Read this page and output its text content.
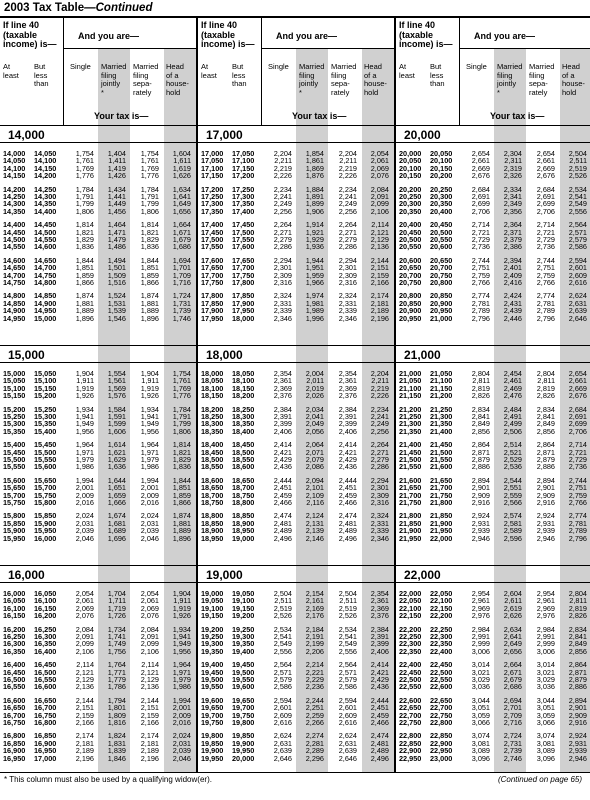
2003 Tax Table—Continued
If line 40
(taxable
income) is—
And you are—
At
least
But
less
than
Single Married
filing
jointly
*
Married
filing
sepa-
rately
Head
of a
house-
hold
Your tax is—
14,000
14,000	14,050	1,754	1,404	1,754	1,604
14,050	14,100	1,761	1,411	1,761	1,611
14,100	14,150	1,769	1,419	1,769	1,619
14,150	14,200	1,776	1,426	1,776	1,626
14,200	14,250	1,784	1,434	1,784	1,634
14,250	14,300	1,791	1,441	1,791	1,641
14,300	14,350	1,799	1,449	1,799	1,649
14,350	14,400	1,806	1,456	1,806	1,656
14,400	14,450	1,814	1,464	1,814	1,664
14,450	14,500	1,821	1,471	1,821	1,671
14,500	14,550	1,829	1,479	1,829	1,679
14,550	14,600	1,836	1,486	1,836	1,686
14,600	14,650	1,844	1,494	1,844	1,694
14,650	14,700	1,851	1,501	1,851	1,701
14,700	14,750	1,859	1,509	1,859	1,709
14,750	14,800	1,866	1,516	1,866	1,716
14,800	14,850	1,874	1,524	1,874	1,724
14,850	14,900	1,881	1,531	1,881	1,731
14,900	14,950	1,889	1,539	1,889	1,739
14,950	15,000	1,896	1,546	1,896	1,746
15,000
15,000	15,050	1,904	1,554	1,904	1,754
15,050	15,100	1,911	1,561	1,911	1,761
15,100	15,150	1,919	1,569	1,919	1,769
15,150	15,200	1,926	1,576	1,926	1,776
15,200	15,250	1,934	1,584	1,934	1,784
15,250	15,300	1,941	1,591	1,941	1,791
15,300	15,350	1,949	1,599	1,949	1,799
15,350	15,400	1,956	1,606	1,956	1,806
15,400	15,450	1,964	1,614	1,964	1,814
15,450	15,500	1,971	1,621	1,971	1,821
15,500	15,550	1,979	1,629	1,979	1,829
15,550	15,600	1,986	1,636	1,986	1,836
15,600	15,650	1,994	1,644	1,994	1,844
15,650	15,700	2,001	1,651	2,001	1,851
15,700	15,750	2,009	1,659	2,009	1,859
15,750	15,800	2,016	1,666	2,016	1,866
15,800	15,850	2,024	1,674	2,024	1,874
15,850	15,900	2,031	1,681	2,031	1,881
15,900	15,950	2,039	1,689	2,039	1,889
15,950	16,000	2,046	1,696	2,046	1,896
16,000
16,000	16,050	2,054	1,704	2,054	1,904
16,050	16,100	2,061	1,711	2,061	1,911
16,100	16,150	2,069	1,719	2,069	1,919
16,150	16,200	2,076	1,726	2,076	1,926
16,200	16,250	2,084	1,734	2,084	1,934
16,250	16,300	2,091	1,741	2,091	1,941
16,300	16,350	2,099	1,749	2,099	1,949
16,350	16,400	2,106	1,756	2,106	1,956
16,400	16,450	2,114	1,764	2,114	1,964
16,450	16,500	2,121	1,771	2,121	1,971
16,500	16,550	2,129	1,779	2,129	1,979
16,550	16,600	2,136	1,786	2,136	1,986
16,600	16,650	2,144	1,794	2,144	1,994
16,650	16,700	2,151	1,801	2,151	2,001
16,700	16,750	2,159	1,809	2,159	2,009
16,750	16,800	2,166	1,816	2,166	2,016
16,800	16,850	2,174	1,824	2,174	2,024
16,850	16,900	2,181	1,831	2,181	2,031
16,900	16,950	2,189	1,839	2,189	2,039
16,950	17,000	2,196	1,846	2,196	2,046
If line 40
(taxable
income) is—
And you are—
At
least
But
less
than
Single Married
filing
jointly
*
Married
filing
sepa-
rately
Head
of a
house-
hold
Your tax is—
17,000
17,000	17,050	2,204	1,854	2,204	2,054
17,050	17,100	2,211	1,861	2,211	2,061
17,100	17,150	2,219	1,869	2,219	2,069
17,150	17,200	2,226	1,876	2,226	2,076
17,200	17,250	2,234	1,884	2,234	2,084
17,250	17,300	2,241	1,891	2,241	2,091
17,300	17,350	2,249	1,899	2,249	2,099
17,350	17,400	2,256	1,906	2,256	2,106
17,400	17,450	2,264	1,914	2,264	2,114
17,450	17,500	2,271	1,921	2,271	2,121
17,500	17,550	2,279	1,929	2,279	2,129
17,550	17,600	2,286	1,936	2,286	2,136
17,600	17,650	2,294	1,944	2,294	2,144
17,650	17,700	2,301	1,951	2,301	2,151
17,700	17,750	2,309	1,959	2,309	2,159
17,750	17,800	2,316	1,966	2,316	2,166
17,800	17,850	2,324	1,974	2,324	2,174
17,850	17,900	2,331	1,981	2,331	2,181
17,900	17,950	2,339	1,989	2,339	2,189
17,950	18,000	2,346	1,996	2,346	2,196
18,000
18,000	18,050	2,354	2,004	2,354	2,204
18,050	18,100	2,361	2,011	2,361	2,211
18,100	18,150	2,369	2,019	2,369	2,219
18,150	18,200	2,376	2,026	2,376	2,226
18,200	18,250	2,384	2,034	2,384	2,234
18,250	18,300	2,391	2,041	2,391	2,241
18,300	18,350	2,399	2,049	2,399	2,249
18,350	18,400	2,406	2,056	2,406	2,256
18,400	18,450	2,414	2,064	2,414	2,264
18,450	18,500	2,421	2,071	2,421	2,271
18,500	18,550	2,429	2,079	2,429	2,279
18,550	18,600	2,436	2,086	2,436	2,286
18,600	18,650	2,444	2,094	2,444	2,294
18,650	18,700	2,451	2,101	2,451	2,301
18,700	18,750	2,459	2,109	2,459	2,309
18,750	18,800	2,466	2,116	2,466	2,316
18,800	18,850	2,474	2,124	2,474	2,324
18,850	18,900	2,481	2,131	2,481	2,331
18,900	18,950	2,489	2,139	2,489	2,339
18,950	19,000	2,496	2,146	2,496	2,346
19,000
19,000	19,050	2,504	2,154	2,504	2,354
19,050	19,100	2,511	2,161	2,511	2,361
19,100	19,150	2,519	2,169	2,519	2,369
19,150	19,200	2,526	2,176	2,526	2,376
19,200	19,250	2,534	2,184	2,534	2,384
19,250	19,300	2,541	2,191	2,541	2,391
19,300	19,350	2,549	2,199	2,549	2,399
19,350	19,400	2,556	2,206	2,556	2,406
19,400	19,450	2,564	2,214	2,564	2,414
19,450	19,500	2,571	2,221	2,571	2,421
19,500	19,550	2,579	2,229	2,579	2,429
19,550	19,600	2,586	2,236	2,586	2,436
19,600	19,650	2,594	2,244	2,594	2,444
19,650	19,700	2,601	2,251	2,601	2,451
19,700	19,750	2,609	2,259	2,609	2,459
19,750	19,800	2,616	2,266	2,616	2,466
19,800	19,850	2,624	2,274	2,624	2,474
19,850	19,900	2,631	2,281	2,631	2,481
19,900	19,950	2,639	2,289	2,639	2,489
19,950	20,000	2,646	2,296	2,646	2,496
If line 40
(taxable
income) is—
And you are—
At
least
But
less
than
Single Married
filing
jointly
*
Married
filing
sepa-
rately
Head
of a
house-
hold
Your tax is—
20,000
20,000	20,050	2,654	2,304	2,654	2,504
20,050	20,100	2,661	2,311	2,661	2,511
20,100	20,150	2,669	2,319	2,669	2,519
20,150	20,200	2,676	2,326	2,676	2,526
20,200	20,250	2,684	2,334	2,684	2,534
20,250	20,300	2,691	2,341	2,691	2,541
20,300	20,350	2,699	2,349	2,699	2,549
20,350	20,400	2,706	2,356	2,706	2,556
20,400	20,450	2,714	2,364	2,714	2,564
20,450	20,500	2,721	2,371	2,721	2,571
20,500	20,550	2,729	2,379	2,729	2,579
20,550	20,600	2,736	2,386	2,736	2,586
20,600	20,650	2,744	2,394	2,744	2,594
20,650	20,700	2,751	2,401	2,751	2,601
20,700	20,750	2,759	2,409	2,759	2,609
20,750	20,800	2,766	2,416	2,766	2,616
20,800	20,850	2,774	2,424	2,774	2,624
20,850	20,900	2,781	2,431	2,781	2,631
20,900	20,950	2,789	2,439	2,789	2,639
20,950	21,000	2,796	2,446	2,796	2,646
21,000
21,000	21,050	2,804	2,454	2,804	2,654
21,050	21,100	2,811	2,461	2,811	2,661
21,100	21,150	2,819	2,469	2,819	2,669
21,150	21,200	2,826	2,476	2,826	2,676
21,200	21,250	2,834	2,484	2,834	2,684
21,250	21,300	2,841	2,491	2,841	2,691
21,300	21,350	2,849	2,499	2,849	2,699
21,350	21,400	2,856	2,506	2,856	2,706
21,400	21,450	2,864	2,514	2,864	2,714
21,450	21,500	2,871	2,521	2,871	2,721
21,500	21,550	2,879	2,529	2,879	2,729
21,550	21,600	2,886	2,536	2,886	2,736
21,600	21,650	2,894	2,544	2,894	2,744
21,650	21,700	2,901	2,551	2,901	2,751
21,700	21,750	2,909	2,559	2,909	2,759
21,750	21,800	2,916	2,566	2,916	2,766
21,800	21,850	2,924	2,574	2,924	2,774
21,850	21,900	2,931	2,581	2,931	2,781
21,900	21,950	2,939	2,589	2,939	2,789
21,950	22,000	2,946	2,596	2,946	2,796
22,000
22,000	22,050	2,954	2,604	2,954	2,804
22,050	22,100	2,961	2,611	2,961	2,811
22,100	22,150	2,969	2,619	2,969	2,819
22,150	22,200	2,976	2,626	2,976	2,826
22,200	22,250	2,984	2,634	2,984	2,834
22,250	22,300	2,991	2,641	2,991	2,841
22,300	22,350	2,999	2,649	2,999	2,849
22,350	22,400	3,006	2,656	3,006	2,856
22,400	22,450	3,014	2,664	3,014	2,864
22,450	22,500	3,021	2,671	3,021	2,871
22,500	22,550	3,029	2,679	3,029	2,879
22,550	22,600	3,036	2,686	3,036	2,886
22,600	22,650	3,044	2,694	3,044	2,894
22,650	22,700	3,051	2,701	3,051	2,901
22,700	22,750	3,059	2,709	3,059	2,909
22,750	22,800	3,066	2,716	3,066	2,916
22,800	22,850	3,074	2,724	3,074	2,924
22,850	22,900	3,081	2,731	3,081	2,931
22,900	22,950	3,089	2,739	3,089	2,939
22,950	23,000	3,096	2,746	3,096	2,946
* This column must also be used by a qualifying widow(er).	(Continued on page 65)
